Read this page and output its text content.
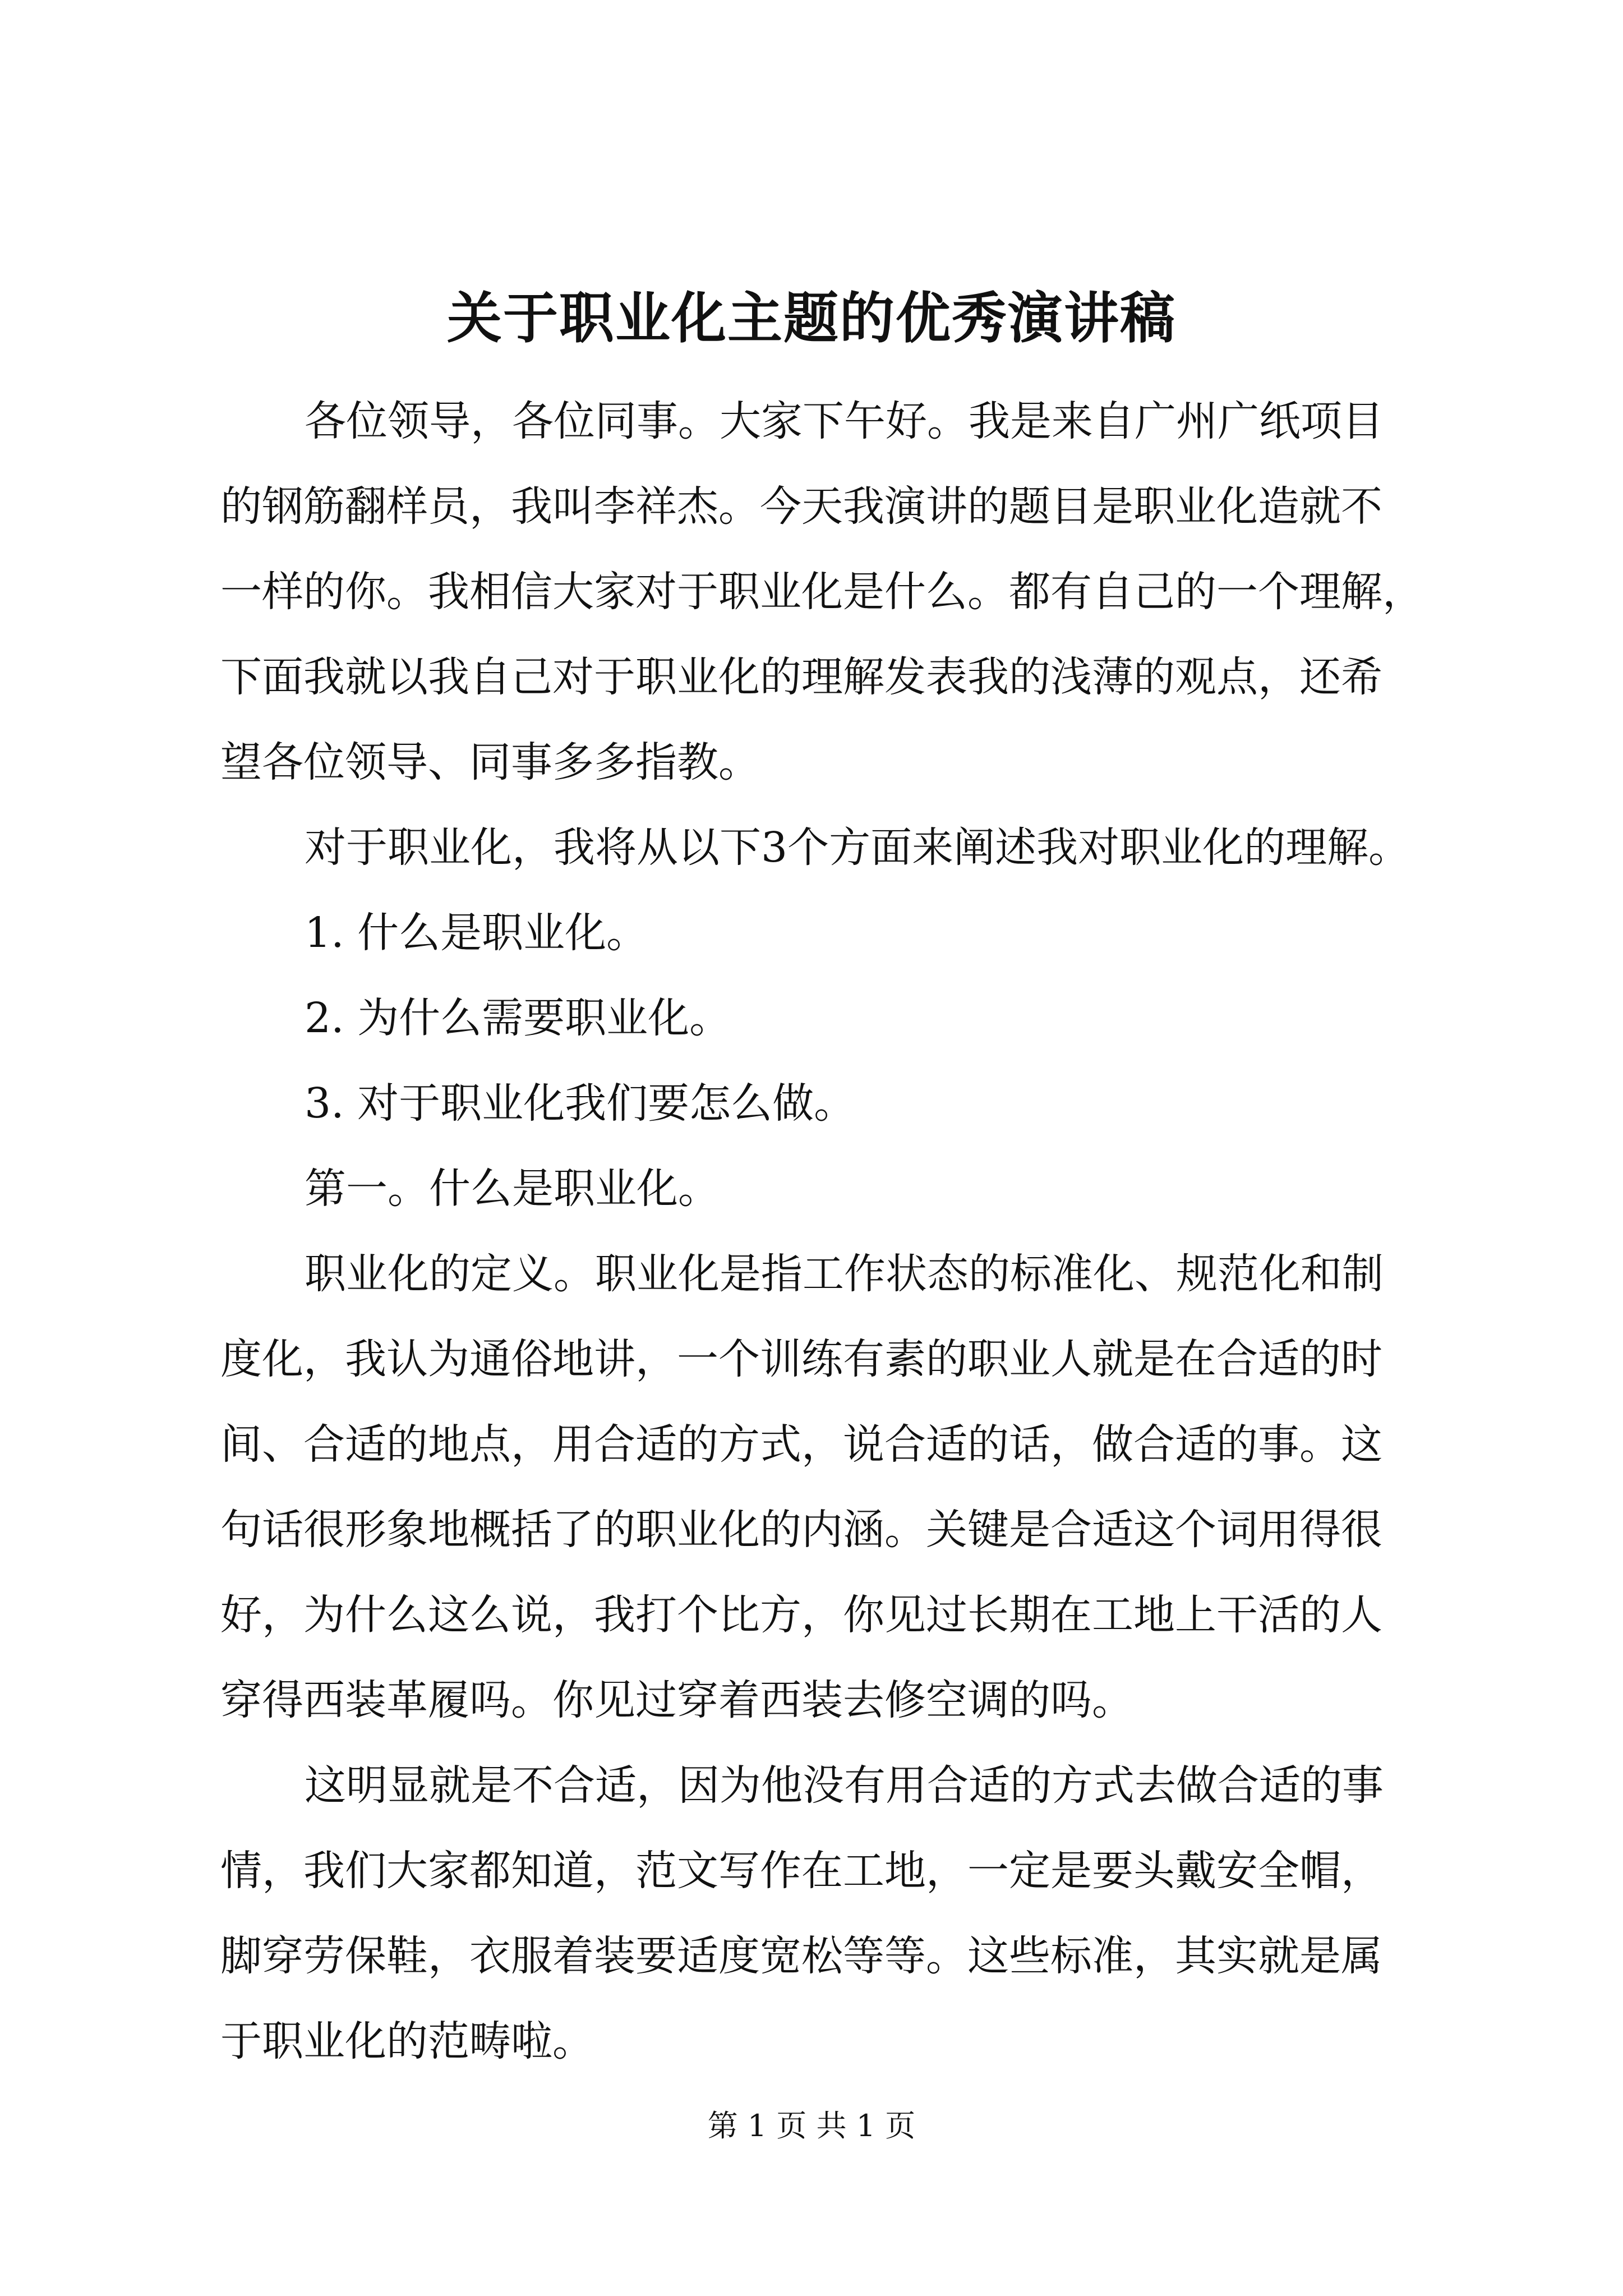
关于职业化主题的优秀演讲稿
各位领导，各位同事。大家下午好。我是来自广州广纸项目
的钢筋翻样员，我叫李祥杰。今天我演讲的题目是职业化造就不
一样的你。我相信大家对于职业化是什么。都有自己的一个理解，
下面我就以我自己对于职业化的理解发表我的浅薄的观点，还希
望各位领导、同事多多指教。
对于职业化，我将从以下3个方面来阐述我对职业化的理解。
1. 什么是职业化。
2. 为什么需要职业化。
3. 对于职业化我们要怎么做。
第一。什么是职业化。
职业化的定义。职业化是指工作状态的标准化、规范化和制
度化，我认为通俗地讲，一个训练有素的职业人就是在合适的时
间、合适的地点，用合适的方式，说合适的话，做合适的事。这
句话很形象地概括了的职业化的内涵。关键是合适这个词用得很
好，为什么这么说，我打个比方，你见过长期在工地上干活的人
穿得西装革履吗。你见过穿着西装去修空调的吗。
这明显就是不合适，因为他没有用合适的方式去做合适的事
情，我们大家都知道，范文写作在工地，一定是要头戴安全帽，
脚穿劳保鞋，衣服着装要适度宽松等等。这些标准，其实就是属
于职业化的范畴啦。
第 1 页 共 1 页
